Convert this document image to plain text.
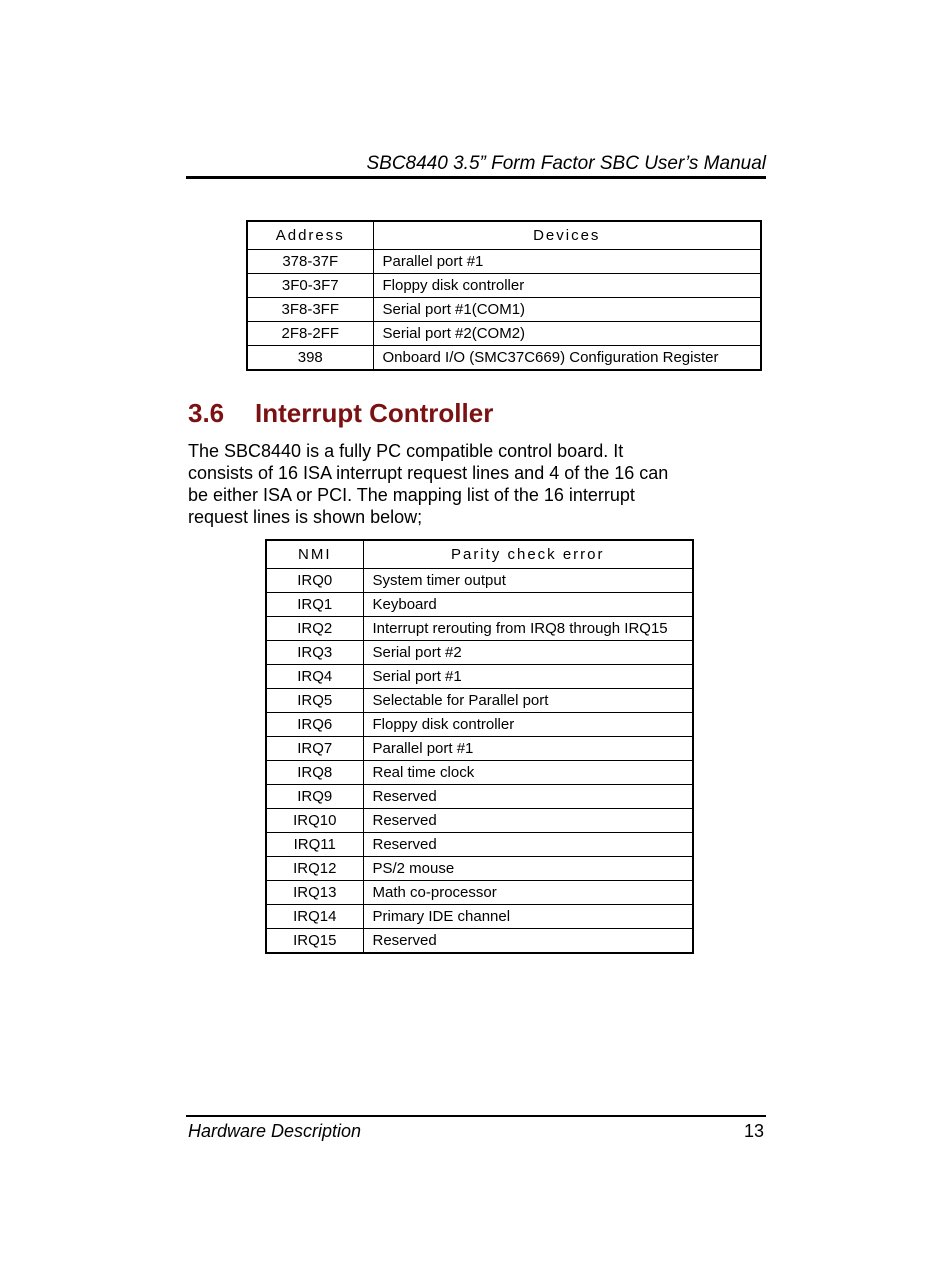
SBC8440 3.5” Form Factor SBC User’s Manual
Address	Devices
378-37F	Parallel port #1
3F0-3F7	Floppy disk controller
3F8-3FF	Serial port #1(COM1)
2F8-2FF	Serial port #2(COM2)
398	Onboard I/O (SMC37C669) Configuration Register
3.6 Interrupt Controller

The SBC8440 is a fully PC compatible control board. It

consists of 16 ISA interrupt request lines and 4 of the 16 can

be either ISA or PCI. The mapping list of the 16 interrupt

request lines is shown below;

NMI	Parity check error
IRQ0	System timer output
IRQ1	Keyboard
IRQ2	Interrupt rerouting from IRQ8 through IRQ15
IRQ3	Serial port #2
IRQ4	Serial port #1
IRQ5	Selectable for Parallel port
IRQ6	Floppy disk controller
IRQ7	Parallel port #1
IRQ8	Real time clock
IRQ9	Reserved
IRQ10	Reserved
IRQ11	Reserved
IRQ12	PS/2 mouse
IRQ13	Math co-processor
IRQ14	Primary IDE channel
IRQ15	Reserved
Hardware Description	13
